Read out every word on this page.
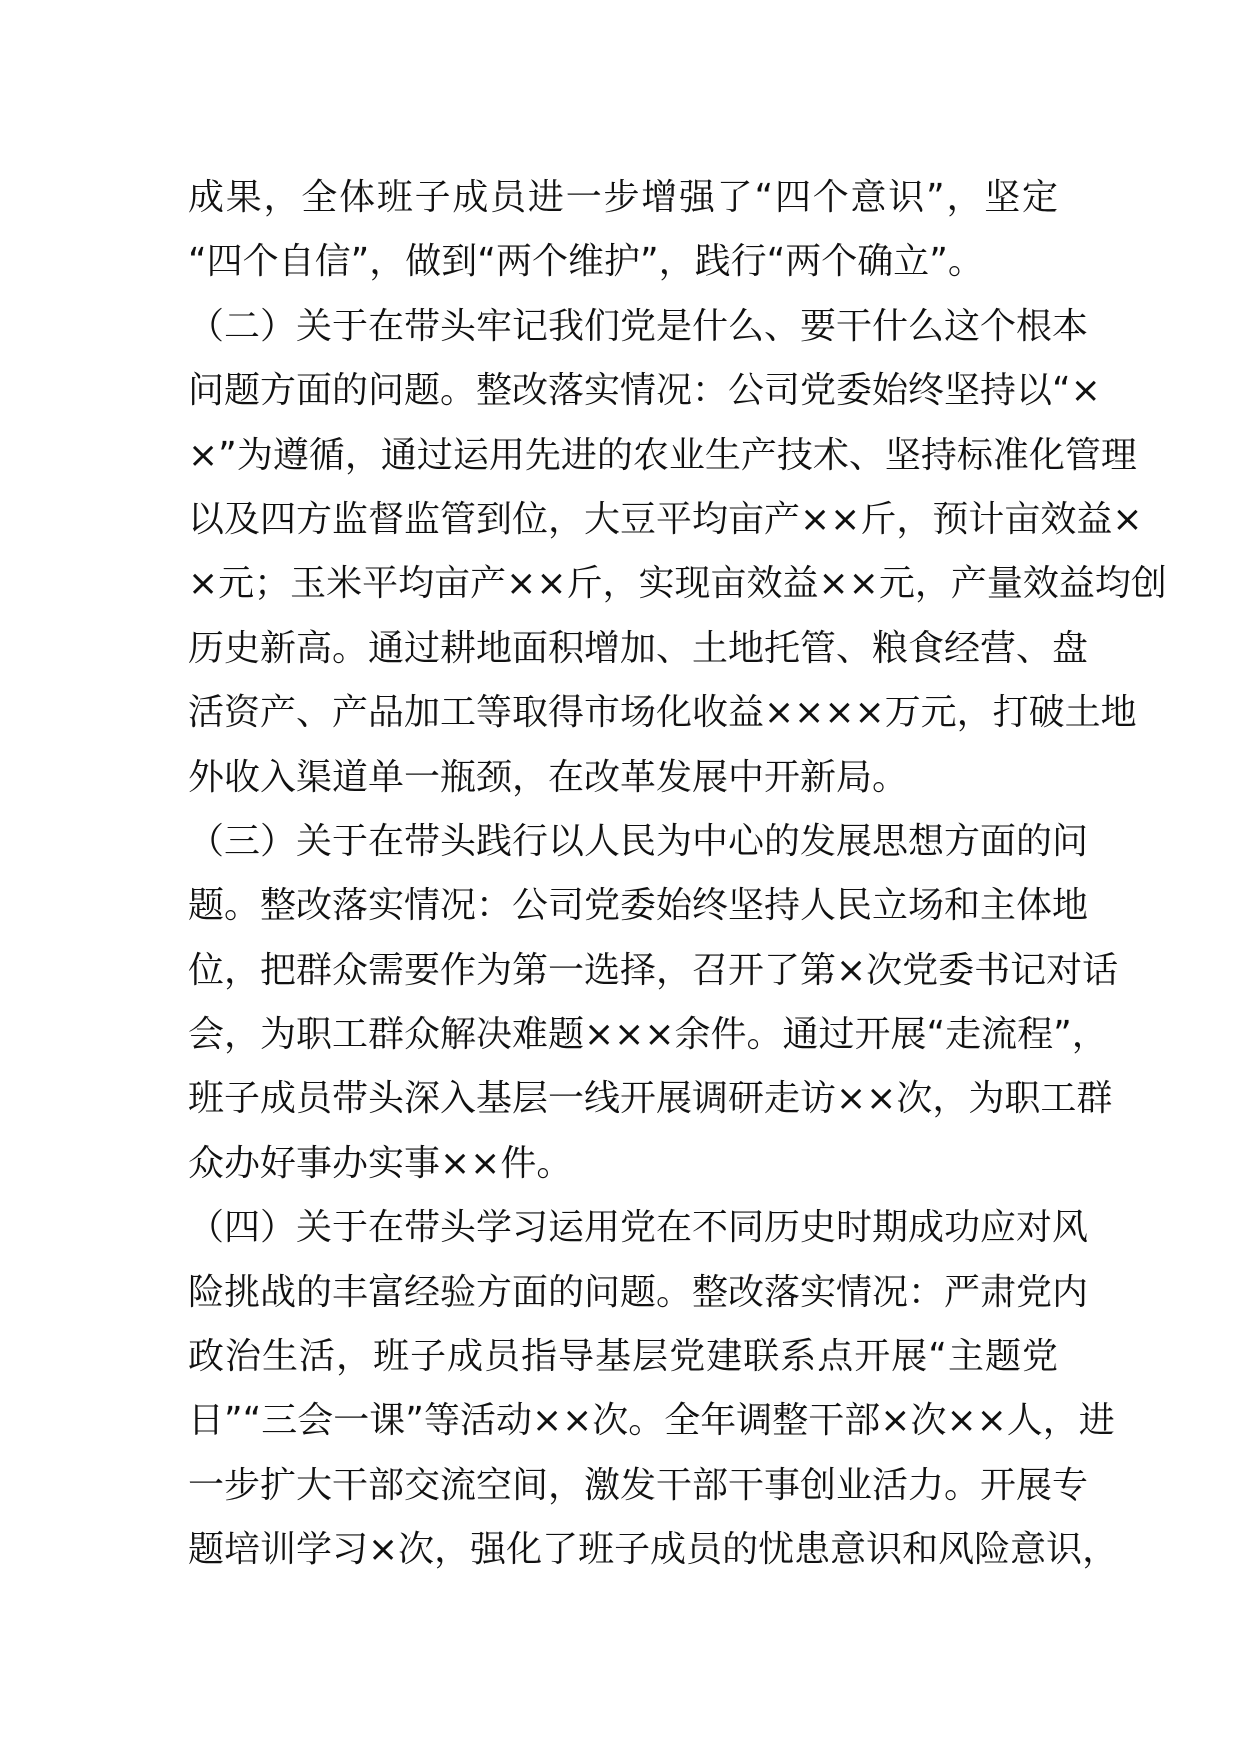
成果，全体班子成员进一步增强了“四个意识”，坚定
“四个自信”，做到“两个维护”，践行“两个确立”。
（二）关于在带头牢记我们党是什么、要干什么这个根本
问题方面的问题。整改落实情况：公司党委始终坚持以“×
×”为遵循，通过运用先进的农业生产技术、坚持标准化管理
以及四方监督监管到位，大豆平均亩产××斤，预计亩效益×
×元；玉米平均亩产××斤，实现亩效益××元，产量效益均创
历史新高。通过耕地面积增加、土地托管、粮食经营、盘
活资产、产品加工等取得市场化收益××××万元，打破土地
外收入渠道单一瓶颈，在改革发展中开新局。
（三）关于在带头践行以人民为中心的发展思想方面的问
题。整改落实情况：公司党委始终坚持人民立场和主体地
位，把群众需要作为第一选择，召开了第×次党委书记对话
会，为职工群众解决难题×××余件。通过开展“走流程”，
班子成员带头深入基层一线开展调研走访××次，为职工群
众办好事办实事××件。
（四）关于在带头学习运用党在不同历史时期成功应对风
险挑战的丰富经验方面的问题。整改落实情况：严肃党内
政治生活，班子成员指导基层党建联系点开展“主题党
日”“三会一课”等活动××次。全年调整干部×次××人，进
一步扩大干部交流空间，激发干部干事创业活力。开展专
题培训学习×次，强化了班子成员的忧患意识和风险意识，
